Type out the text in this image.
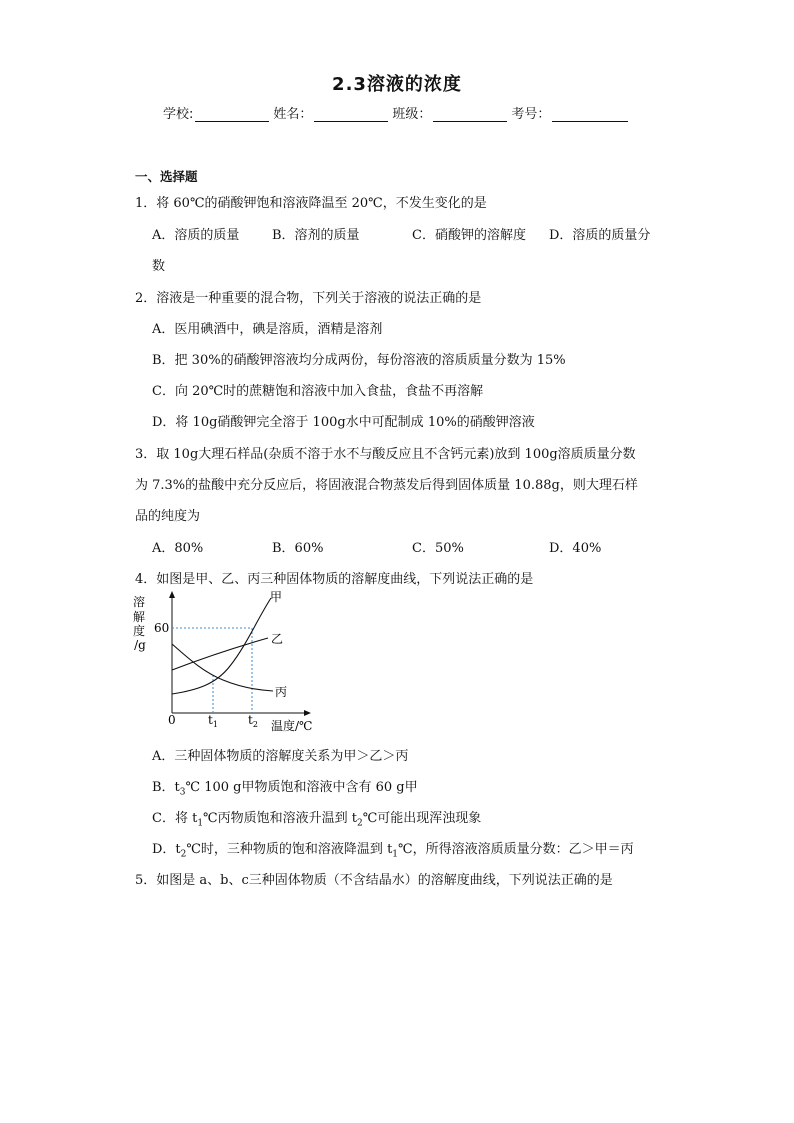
2.3溶液的浓度
学校:	姓名：	班级：	考号：
一、选择题
1．将 60℃的硝酸钾饱和溶液降温至 20℃，不发生变化的是
A．溶质的质量	B．溶剂的质量	C．硝酸钾的溶解度 D．溶质的质量分
数
2．溶液是一种重要的混合物，下列关于溶液的说法正确的是
A．医用碘酒中，碘是溶质，酒精是溶剂
B．把 30%的硝酸钾溶液均分成两份，每份溶液的溶质质量分数为 15%
C．向 20℃时的蔗糖饱和溶液中加入食盐，食盐不再溶解
D．将 10g硝酸钾完全溶于 100g水中可配制成 10%的硝酸钾溶液
3．取 10g大理石样品(杂质不溶于水不与酸反应且不含钙元素)放到 100g溶质质量分数
为 7.3%的盐酸中充分反应后，将固液混合物蒸发后得到固体质量 10.88g，则大理石样
品的纯度为
A．80%	B．60%	C．50%	D．40%
4．如图是甲、乙、丙三种固体物质的溶解度曲线，下列说法正确的是
溶
解
度
/g
甲
乙
丙
60
0	$t_1$	$t_2$ 温度/℃
A．三种固体物质的溶解度关系为甲＞乙＞丙
B．$t_3℃$ 100 g甲物质饱和溶液中含有 60 g甲
C．将 $t_1℃$丙物质饱和溶液升温到 $t_2℃$可能出现浑浊现象
D．$t_2℃$时，三种物质的饱和溶液降温到 $t_1℃$，所得溶液溶质质量分数：乙＞甲＝丙
5．如图是 a、b、c三种固体物质（不含结晶水）的溶解度曲线，下列说法正确的是
